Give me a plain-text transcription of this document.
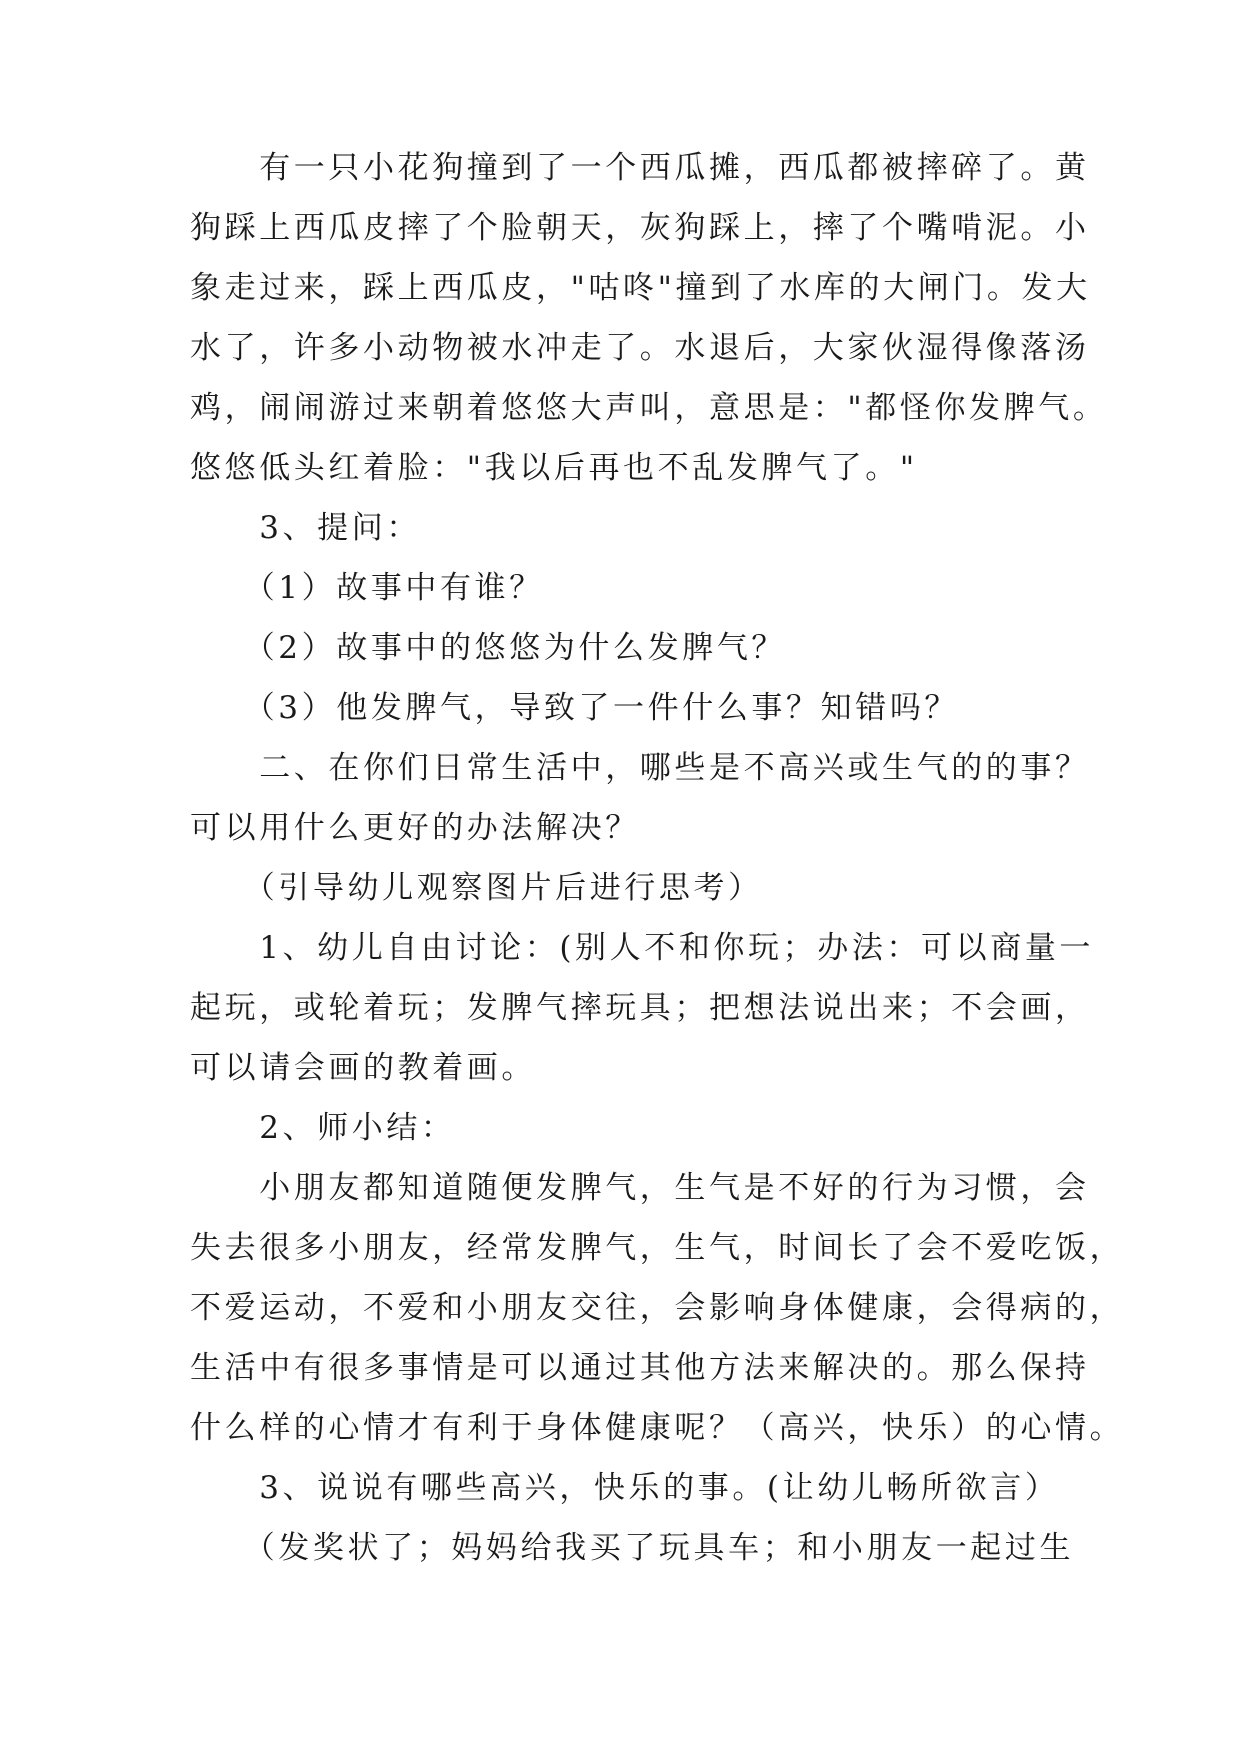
　　有一只小花狗撞到了一个西瓜摊，西瓜都被摔碎了。黄
狗踩上西瓜皮摔了个脸朝天，灰狗踩上，摔了个嘴啃泥。小
象走过来，踩上西瓜皮，"咕咚"撞到了水库的大闸门。发大
水了，许多小动物被水冲走了。水退后，大家伙湿得像落汤
鸡，闹闹游过来朝着悠悠大声叫，意思是："都怪你发脾气。
悠悠低头红着脸："我以后再也不乱发脾气了。"
　　3、提问：
　　（1）故事中有谁？
　　（2）故事中的悠悠为什么发脾气？
　　（3）他发脾气，导致了一件什么事？知错吗？
　　二、在你们日常生活中，哪些是不高兴或生气的的事？
可以用什么更好的办法解决？
　　（引导幼儿观察图片后进行思考）
　　1、幼儿自由讨论：(别人不和你玩；办法：可以商量一
起玩，或轮着玩；发脾气摔玩具；把想法说出来；不会画，
可以请会画的教着画。
　　2、师小结：
　　小朋友都知道随便发脾气，生气是不好的行为习惯，会
失去很多小朋友，经常发脾气，生气，时间长了会不爱吃饭，
不爱运动，不爱和小朋友交往，会影响身体健康，会得病的，
生活中有很多事情是可以通过其他方法来解决的。那么保持
什么样的心情才有利于身体健康呢？（高兴，快乐）的心情。
　　3、说说有哪些高兴，快乐的事。(让幼儿畅所欲言）
　　（发奖状了；妈妈给我买了玩具车；和小朋友一起过生
